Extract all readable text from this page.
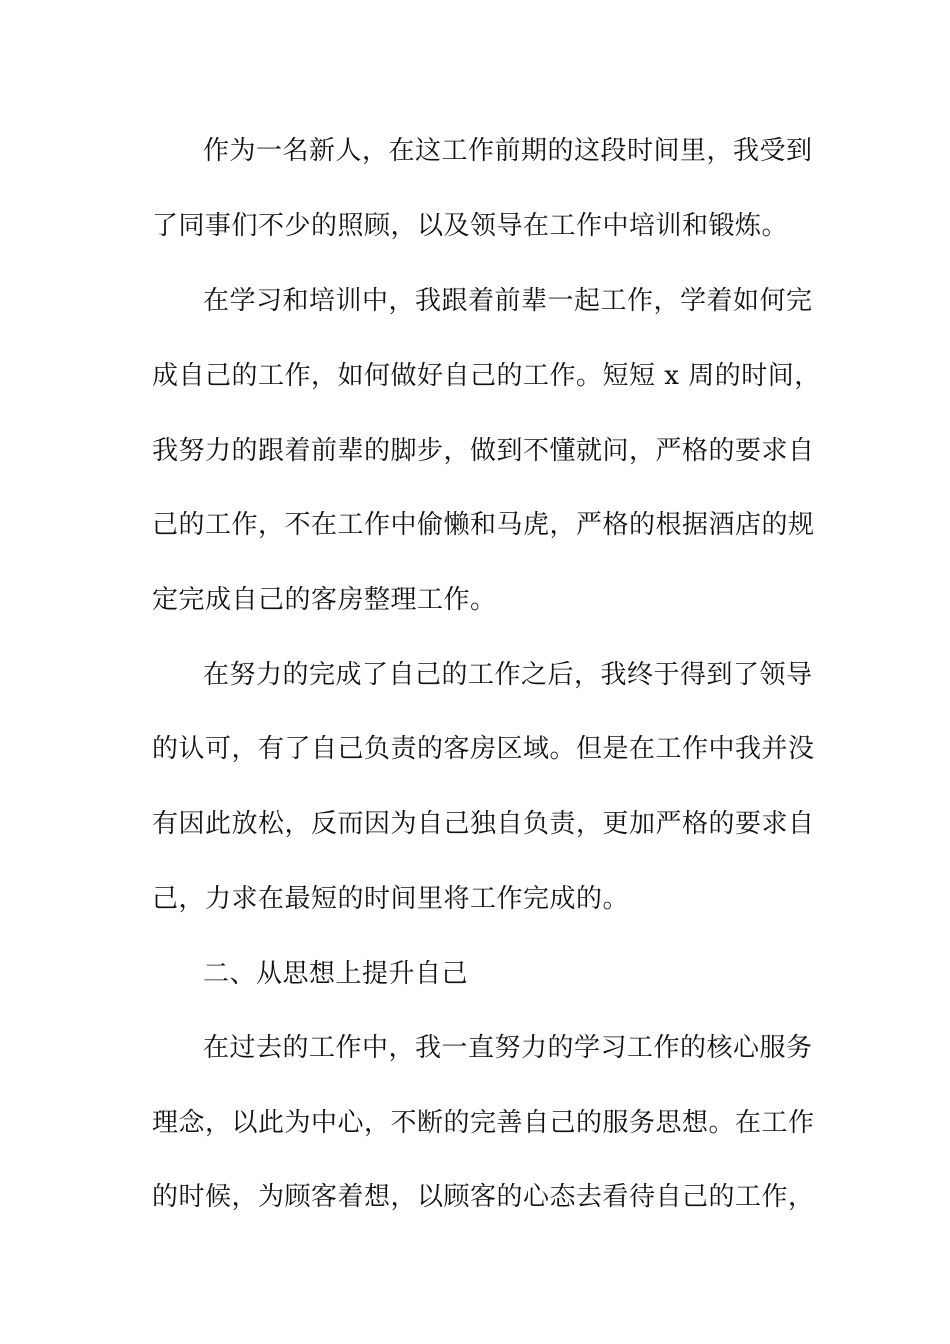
作为一名新人，在这工作前期的这段时间里，我受到
了同事们不少的照顾，以及领导在工作中培训和锻炼。
在学习和培训中，我跟着前辈一起工作，学着如何完
成自己的工作，如何做好自己的工作。短短 x 周的时间，
我努力的跟着前辈的脚步，做到不懂就问，严格的要求自
己的工作，不在工作中偷懒和马虎，严格的根据酒店的规
定完成自己的客房整理工作。
在努力的完成了自己的工作之后，我终于得到了领导
的认可，有了自己负责的客房区域。但是在工作中我并没
有因此放松，反而因为自己独自负责，更加严格的要求自
己，力求在最短的时间里将工作完成的。
二、从思想上提升自己
在过去的工作中，我一直努力的学习工作的核心服务
理念，以此为中心，不断的完善自己的服务思想。在工作
的时候，为顾客着想，以顾客的心态去看待自己的工作，
